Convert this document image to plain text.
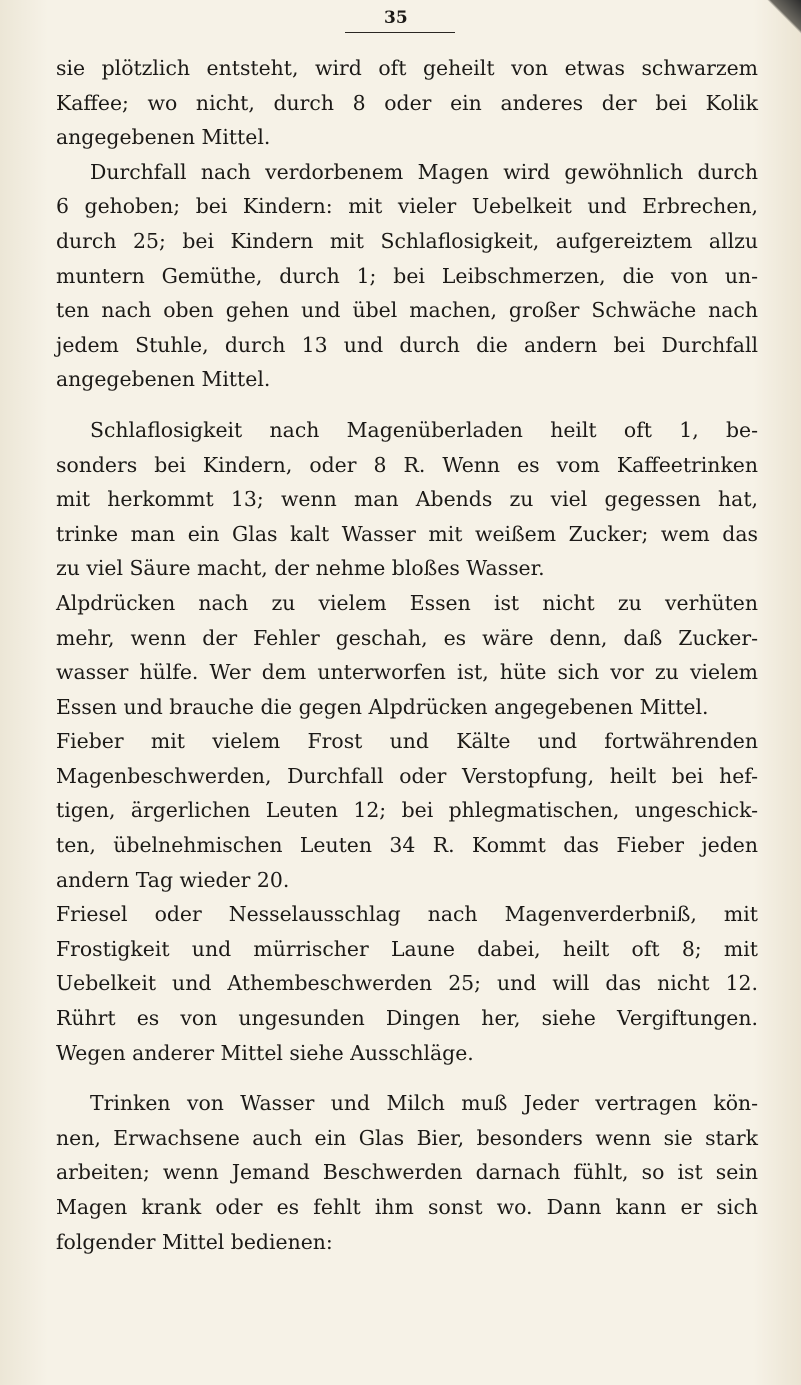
35
sie plötzlich entsteht, wird oft geheilt von etwas schwarzem
Kaffee; wo nicht, durch 8 oder ein anderes der bei Kolik
angegebenen Mittel.
Durchfall nach verdorbenem Magen wird gewöhnlich durch
6 gehoben; bei Kindern: mit vieler Uebelkeit und Erbrechen,
durch 25; bei Kindern mit Schlaflosigkeit, aufgereiztem allzu
muntern Gemüthe, durch 1; bei Leibschmerzen, die von un-
ten nach oben gehen und übel machen, großer Schwäche nach
jedem Stuhle, durch 13 und durch die andern bei Durchfall
angegebenen Mittel.
Schlaflosigkeit nach Magenüberladen heilt oft 1, be-
sonders bei Kindern, oder 8 R. Wenn es vom Kaffeetrinken
mit herkommt 13; wenn man Abends zu viel gegessen hat,
trinke man ein Glas kalt Wasser mit weißem Zucker; wem das
zu viel Säure macht, der nehme bloßes Wasser.
Alpdrücken nach zu vielem Essen ist nicht zu verhüten
mehr, wenn der Fehler geschah, es wäre denn, daß Zucker-
wasser hülfe. Wer dem unterworfen ist, hüte sich vor zu vielem
Essen und brauche die gegen Alpdrücken angegebenen Mittel.
Fieber mit vielem Frost und Kälte und fortwährenden
Magenbeschwerden, Durchfall oder Verstopfung, heilt bei hef-
tigen, ärgerlichen Leuten 12; bei phlegmatischen, ungeschick-
ten, übelnehmischen Leuten 34 R. Kommt das Fieber jeden
andern Tag wieder 20.
Friesel oder Nesselausschlag nach Magenverderbniß, mit
Frostigkeit und mürrischer Laune dabei, heilt oft 8; mit
Uebelkeit und Athembeschwerden 25; und will das nicht 12.
Rührt es von ungesunden Dingen her, siehe Vergiftungen.
Wegen anderer Mittel siehe Ausschläge.
Trinken von Wasser und Milch muß Jeder vertragen kön-
nen, Erwachsene auch ein Glas Bier, besonders wenn sie stark
arbeiten; wenn Jemand Beschwerden darnach fühlt, so ist sein
Magen krank oder es fehlt ihm sonst wo. Dann kann er sich
folgender Mittel bedienen:
